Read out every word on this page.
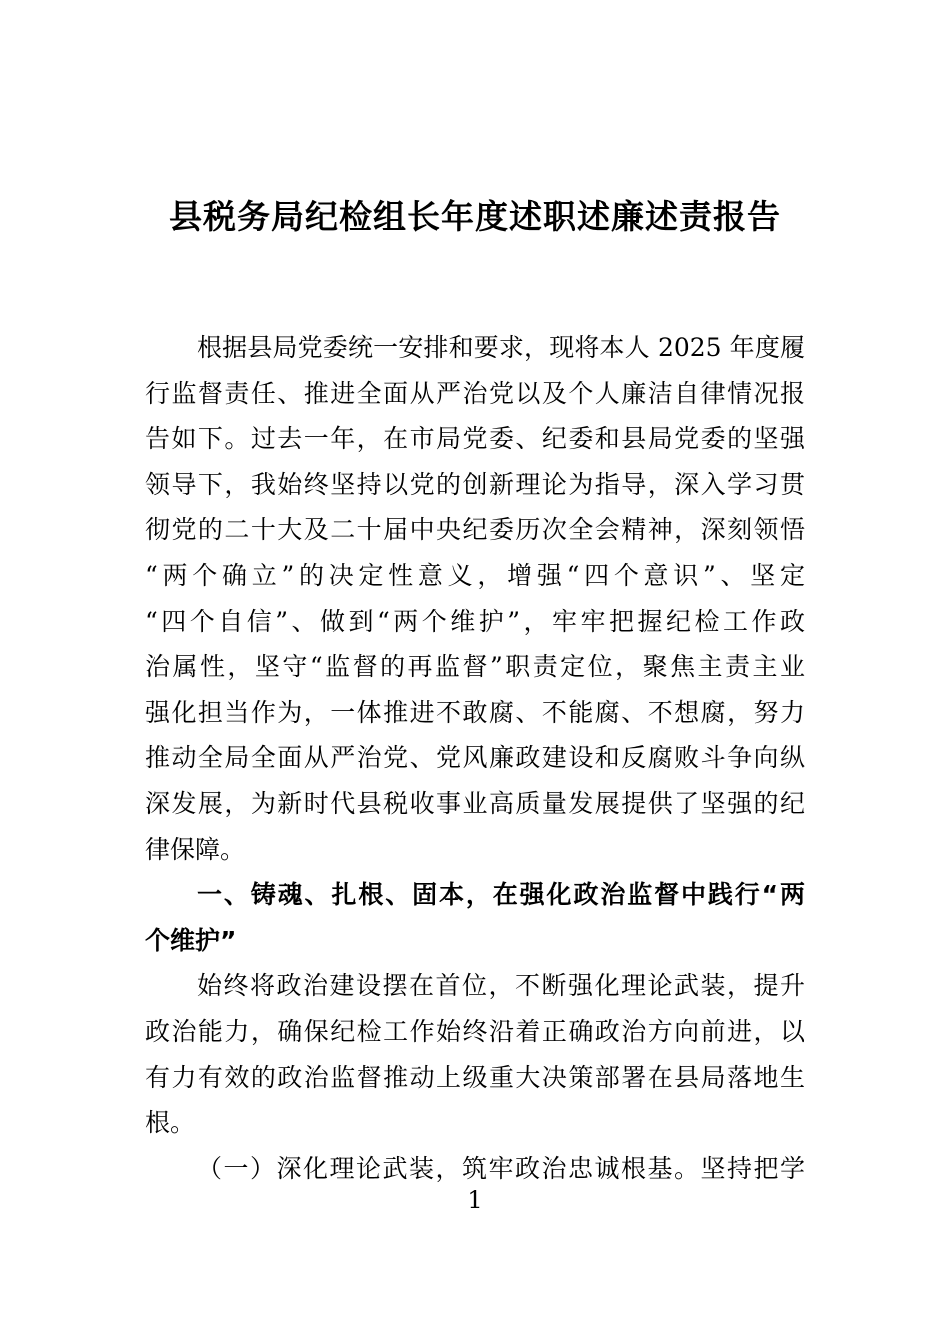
县税务局纪检组长年度述职述廉述责报告
根据县局党委统一安排和要求，现将本人 2025 年度履
行监督责任、推进全面从严治党以及个人廉洁自律情况报
告如下。过去一年，在市局党委、纪委和县局党委的坚强
领导下，我始终坚持以党的创新理论为指导，深入学习贯
彻党的二十大及二十届中央纪委历次全会精神，深刻领悟
“两个确立”的决定性意义，增强“四个意识”、坚定
“四个自信”、做到“两个维护”，牢牢把握纪检工作政
治属性，坚守“监督的再监督”职责定位，聚焦主责主业
强化担当作为，一体推进不敢腐、不能腐、不想腐，努力
推动全局全面从严治党、党风廉政建设和反腐败斗争向纵
深发展，为新时代县税收事业高质量发展提供了坚强的纪
律保障。
一、铸魂、扎根、固本，在强化政治监督中践行“两
个维护”
始终将政治建设摆在首位，不断强化理论武装，提升
政治能力，确保纪检工作始终沿着正确政治方向前进，以
有力有效的政治监督推动上级重大决策部署在县局落地生
根。
（一）深化理论武装，筑牢政治忠诚根基。坚持把学
1
